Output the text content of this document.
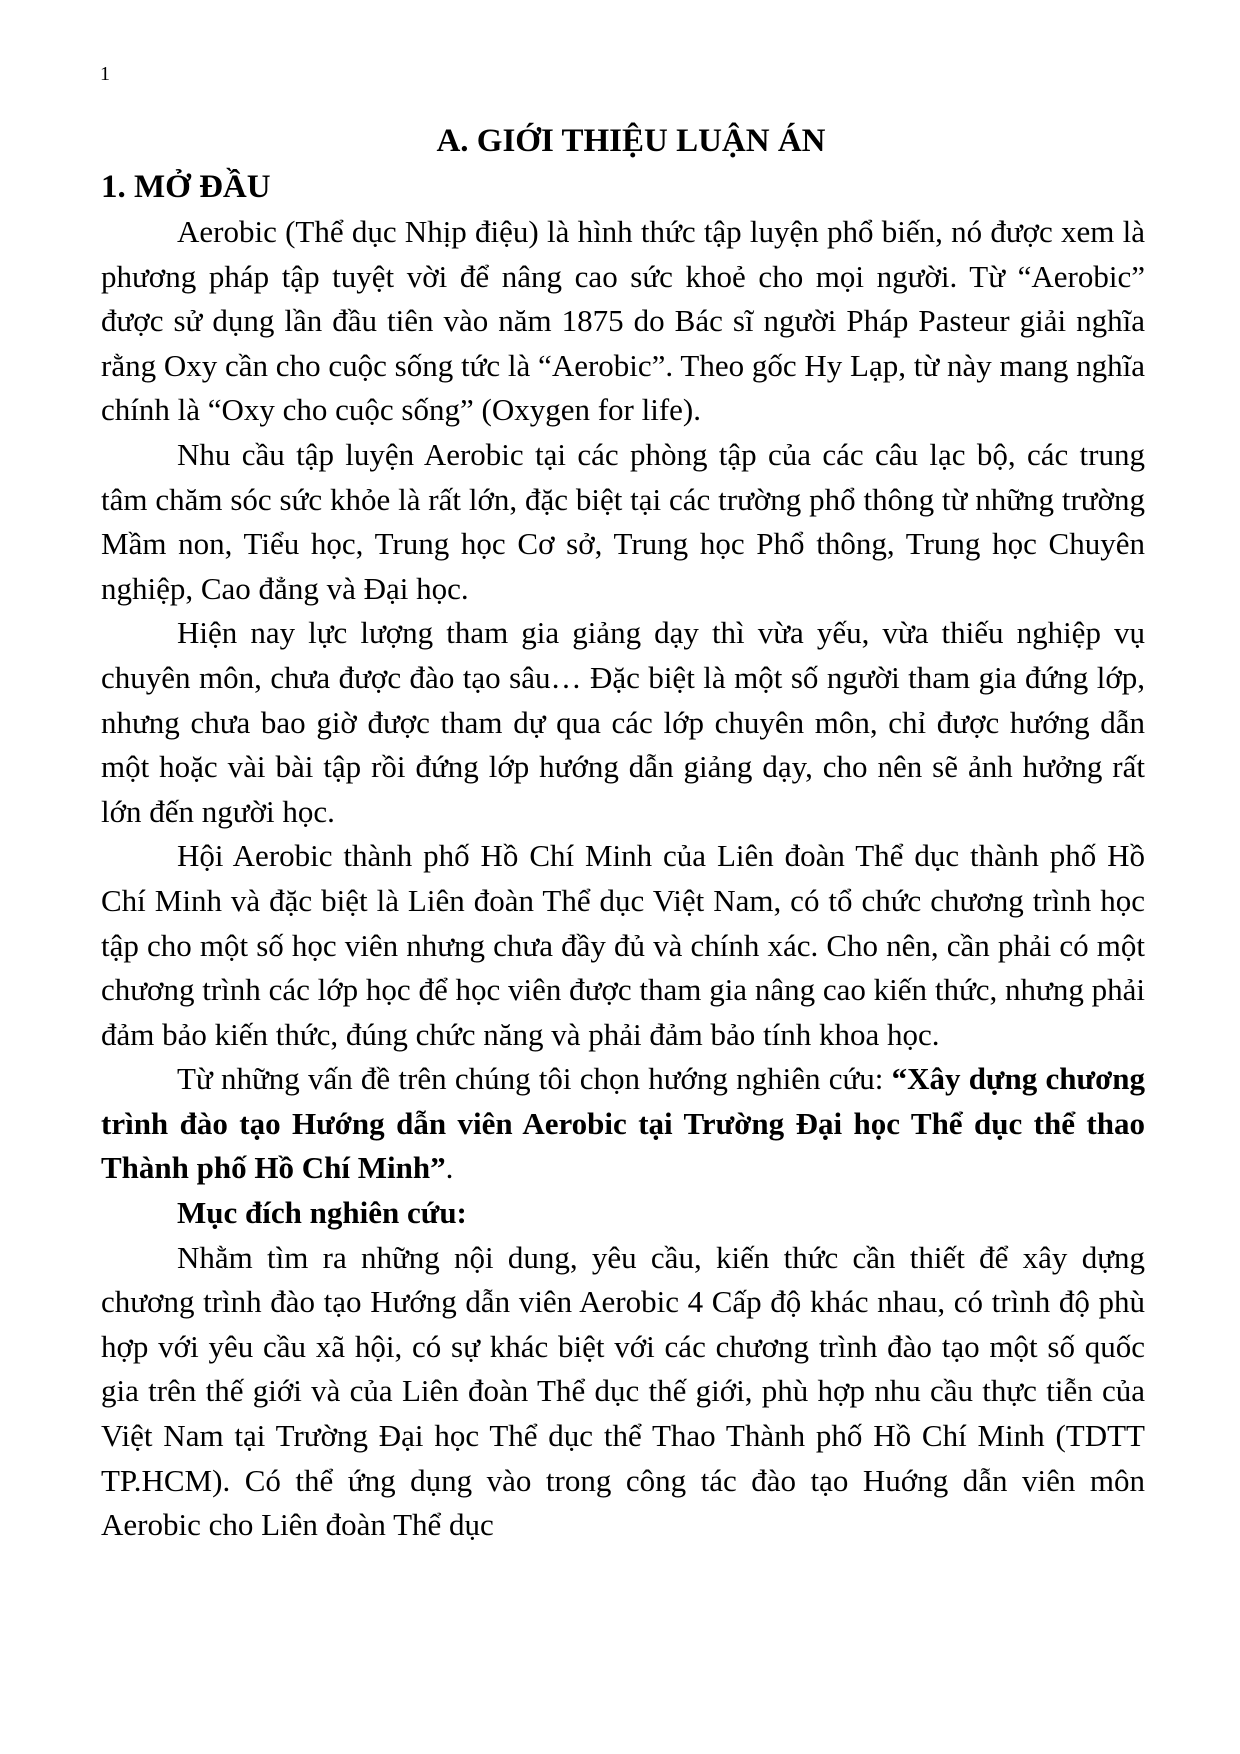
1
A. GIỚI THIỆU LUẬN ÁN
1. MỞ ĐẦU

Aerobic (Thể dục Nhịp điệu) là hình thức tập luyện phổ biến, nó được xem là phương pháp tập tuyệt vời để nâng cao sức khoẻ cho mọi người. Từ “Aerobic” được sử dụng lần đầu tiên vào năm 1875 do Bác sĩ người Pháp Pasteur giải nghĩa rằng Oxy cần cho cuộc sống tức là “Aerobic”. Theo gốc Hy Lạp, từ này mang nghĩa chính là “Oxy cho cuộc sống” (Oxygen for life).

Nhu cầu tập luyện Aerobic tại các phòng tập của các câu lạc bộ, các trung tâm chăm sóc sức khỏe là rất lớn, đặc biệt tại các trường phổ thông từ những trường Mầm non, Tiểu học, Trung học Cơ sở, Trung học Phổ thông, Trung học Chuyên nghiệp, Cao đẳng và Đại học.

Hiện nay lực lượng tham gia giảng dạy thì vừa yếu, vừa thiếu nghiệp vụ chuyên môn, chưa được đào tạo sâu… Đặc biệt là một số người tham gia đứng lớp, nhưng chưa bao giờ được tham dự qua các lớp chuyên môn, chỉ được hướng dẫn một hoặc vài bài tập rồi đứng lớp hướng dẫn giảng dạy, cho nên sẽ ảnh hưởng rất lớn đến người học.

Hội Aerobic thành phố Hồ Chí Minh của Liên đoàn Thể dục thành phố Hồ Chí Minh và đặc biệt là Liên đoàn Thể dục Việt Nam, có tổ chức chương trình học tập cho một số học viên nhưng chưa đầy đủ và chính xác. Cho nên, cần phải có một chương trình các lớp học để học viên được tham gia nâng cao kiến thức, nhưng phải đảm bảo kiến thức, đúng chức năng và phải đảm bảo tính khoa học.

Từ những vấn đề trên chúng tôi chọn hướng nghiên cứu: “Xây dựng chương trình đào tạo Hướng dẫn viên Aerobic tại Trường Đại học Thể dục thể thao Thành phố Hồ Chí Minh”.

Mục đích nghiên cứu:

Nhằm tìm ra những nội dung, yêu cầu, kiến thức cần thiết để xây dựng chương trình đào tạo Hướng dẫn viên Aerobic 4 Cấp độ khác nhau, có trình độ phù hợp với yêu cầu xã hội, có sự khác biệt với các chương trình đào tạo một số quốc gia trên thế giới và của Liên đoàn Thể dục thế giới, phù hợp nhu cầu thực tiễn của Việt Nam tại Trường Đại học Thể dục thể Thao Thành phố Hồ Chí Minh (TDTT TP.HCM). Có thể ứng dụng vào trong công tác đào tạo Huớng dẫn viên môn Aerobic cho Liên đoàn Thể dục
